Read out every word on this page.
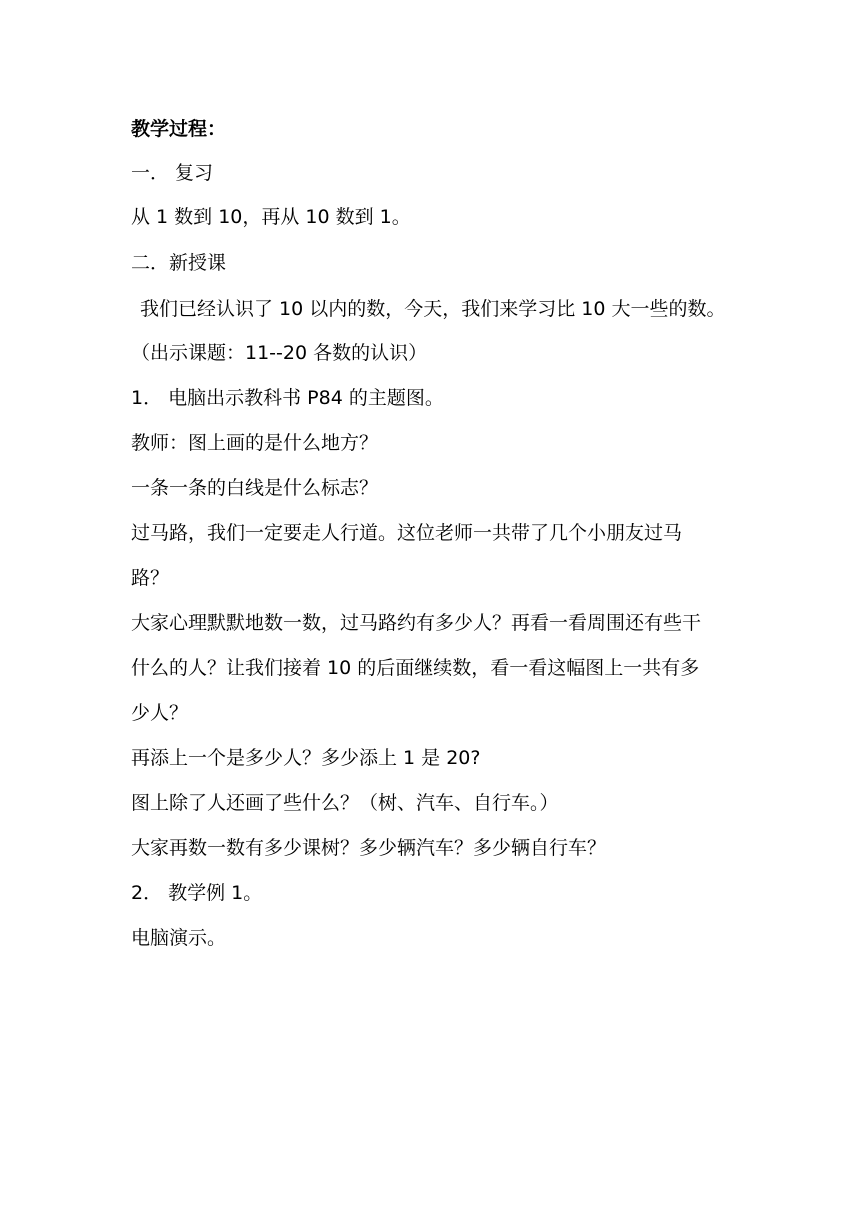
教学过程：
一． 复习
从 1 数到 10，再从 10 数到 1。
二．新授课
我们已经认识了 10 以内的数，今天，我们来学习比 10 大一些的数。
（出示课题：11--20 各数的认识）
1． 电脑出示教科书 P84 的主题图。
教师：图上画的是什么地方？
一条一条的白线是什么标志？
过马路，我们一定要走人行道。这位老师一共带了几个小朋友过马
路？
大家心理默默地数一数，过马路约有多少人？再看一看周围还有些干
什么的人？让我们接着 10 的后面继续数，看一看这幅图上一共有多
少人？
再添上一个是多少人？多少添上 1 是 20?
图上除了人还画了些什么？（树、汽车、自行车。）
大家再数一数有多少课树？多少辆汽车？多少辆自行车？
2． 教学例 1。
电脑演示。
